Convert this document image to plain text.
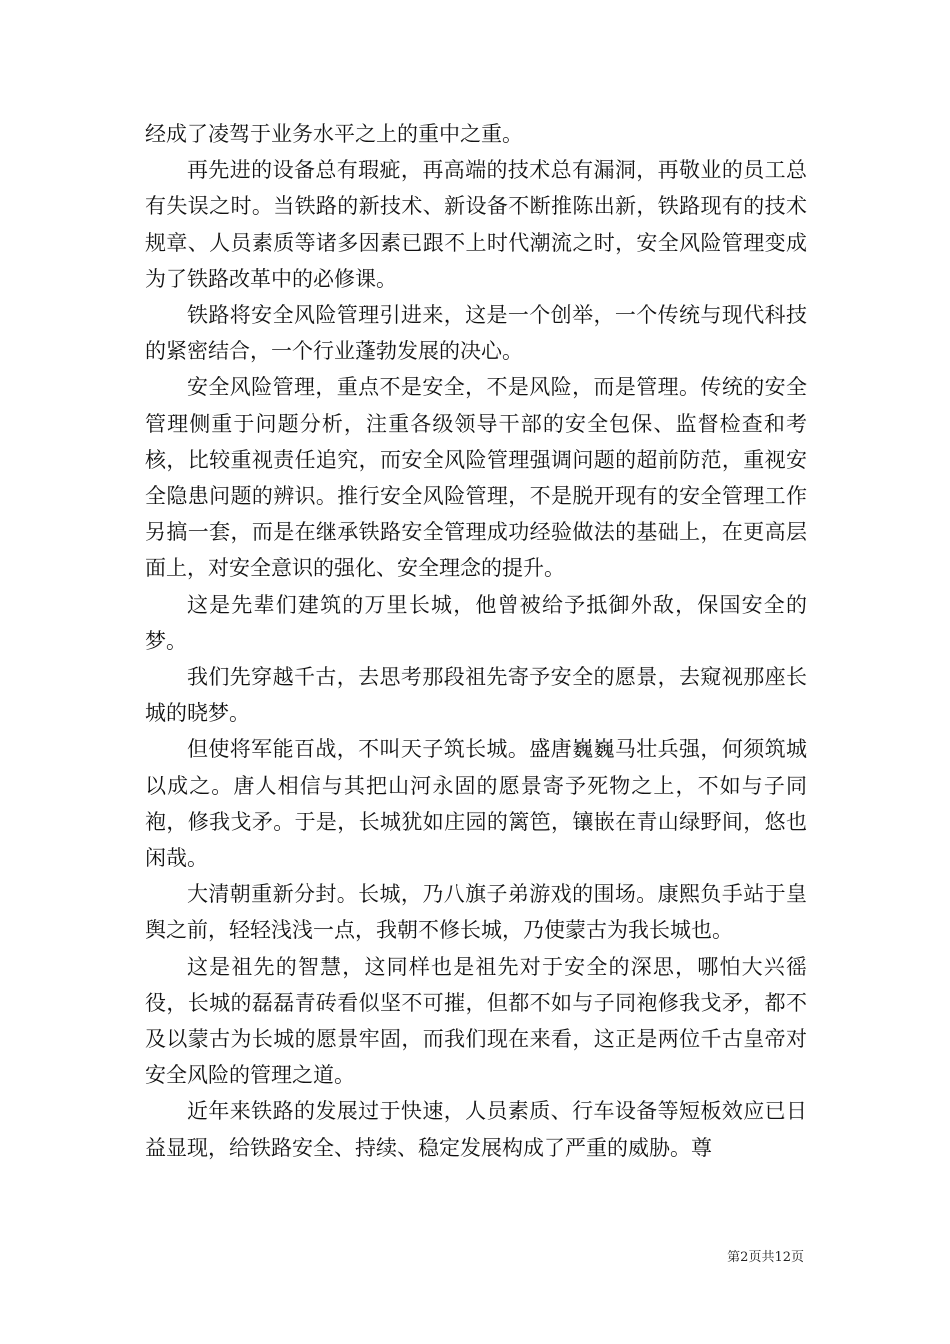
经成了凌驾于业务水平之上的重中之重。

再先进的设备总有瑕疵，再高端的技术总有漏洞，再敬业的员工总有失误之时。当铁路的新技术、新设备不断推陈出新，铁路现有的技术规章、人员素质等诸多因素已跟不上时代潮流之时，安全风险管理变成为了铁路改革中的必修课。

铁路将安全风险管理引进来，这是一个创举，一个传统与现代科技的紧密结合，一个行业蓬勃发展的决心。

安全风险管理，重点不是安全，不是风险，而是管理。传统的安全管理侧重于问题分析，注重各级领导干部的安全包保、监督检查和考核，比较重视责任追究，而安全风险管理强调问题的超前防范，重视安全隐患问题的辨识。推行安全风险管理，不是脱开现有的安全管理工作另搞一套，而是在继承铁路安全管理成功经验做法的基础上，在更高层面上，对安全意识的强化、安全理念的提升。

这是先辈们建筑的万里长城，他曾被给予抵御外敌，保国安全的梦。

我们先穿越千古，去思考那段祖先寄予安全的愿景，去窥视那座长城的晓梦。

但使将军能百战，不叫天子筑长城。盛唐巍巍马壮兵强，何须筑城以成之。唐人相信与其把山河永固的愿景寄予死物之上，不如与子同袍，修我戈矛。于是，长城犹如庄园的篱笆，镶嵌在青山绿野间，悠也闲哉。

大清朝重新分封。长城，乃八旗子弟游戏的围场。康熙负手站于皇舆之前，轻轻浅浅一点，我朝不修长城，乃使蒙古为我长城也。

这是祖先的智慧，这同样也是祖先对于安全的深思，哪怕大兴徭役，长城的磊磊青砖看似坚不可摧，但都不如与子同袍修我戈矛，都不及以蒙古为长城的愿景牢固，而我们现在来看，这正是两位千古皇帝对安全风险的管理之道。

近年来铁路的发展过于快速，人员素质、行车设备等短板效应已日益显现，给铁路安全、持续、稳定发展构成了严重的威胁。尊

第2页共12页
